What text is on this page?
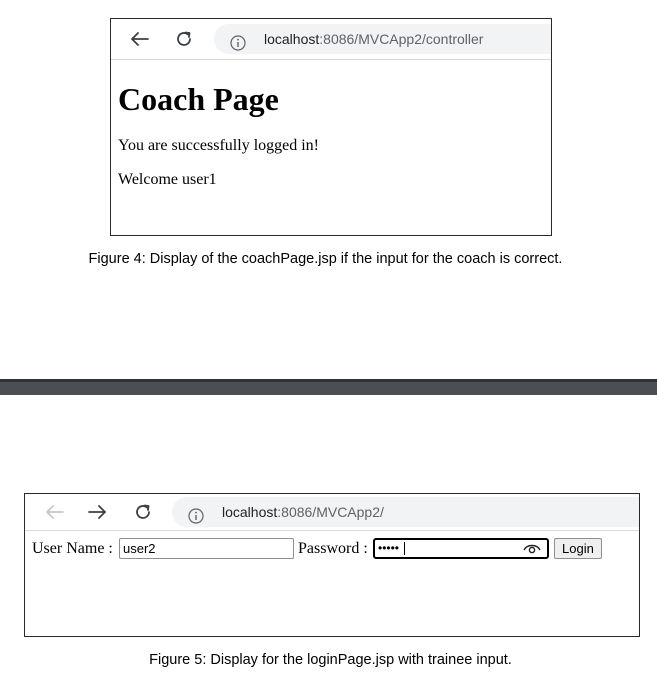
localhost:8086/MVCApp2/controller
Coach Page

You are successfully logged in!

Welcome user1

Figure 4: Display of the coachPage.jsp if the input for the coach is correct.

localhost:8086/MVCApp2/
User Name : user2	Password : •••••	Login

Figure 5: Display for the loginPage.jsp with trainee input.
